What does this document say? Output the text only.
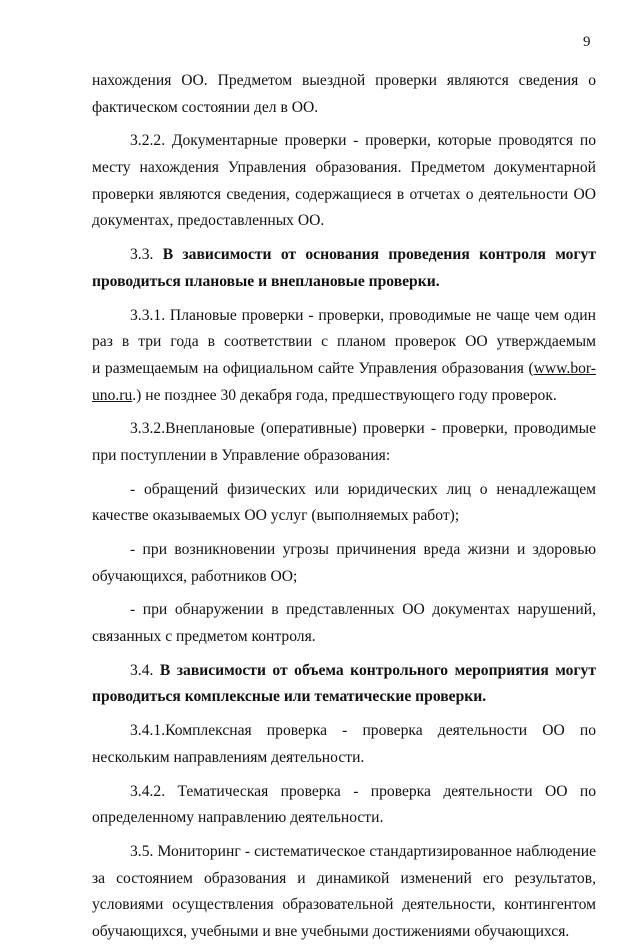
9
нахождения ОО. Предметом выездной проверки являются сведения о
фактическом состоянии дел в ОО.
3.2.2. Документарные проверки - проверки, которые проводятся по
месту нахождения Управления образования. Предметом документарной
проверки являются сведения, содержащиеся в отчетах о деятельности ОО
документах, предоставленных ОО.
3.3. В зависимости от основания проведения контроля могут
проводиться плановые и внеплановые проверки.
3.3.1. Плановые проверки - проверки, проводимые не чаще чем один
раз в три года в соответствии с планом проверок ОО утверждаемым
и размещаемым на официальном сайте Управления образования (www.bor-
uno.ru.) не позднее 30 декабря года, предшествующего году проверок.
3.3.2.Внеплановые (оперативные) проверки - проверки, проводимые
при поступлении в Управление образования:
- обращений физических или юридических лиц о ненадлежащем
качестве оказываемых ОО услуг (выполняемых работ);
- при возникновении угрозы причинения вреда жизни и здоровью
обучающихся, работников ОО;
- при обнаружении в представленных ОО документах нарушений,
связанных с предметом контроля.
3.4. В зависимости от объема контрольного мероприятия могут
проводиться комплексные или тематические проверки.
3.4.1.Комплексная проверка - проверка деятельности ОО по
нескольким направлениям деятельности.
3.4.2. Тематическая проверка - проверка деятельности ОО по
определенному направлению деятельности.
3.5. Мониторинг - систематическое стандартизированное наблюдение
за состоянием образования и динамикой изменений его результатов,
условиями осуществления образовательной деятельности, контингентом
обучающихся, учебными и вне учебными достижениями обучающихся.
